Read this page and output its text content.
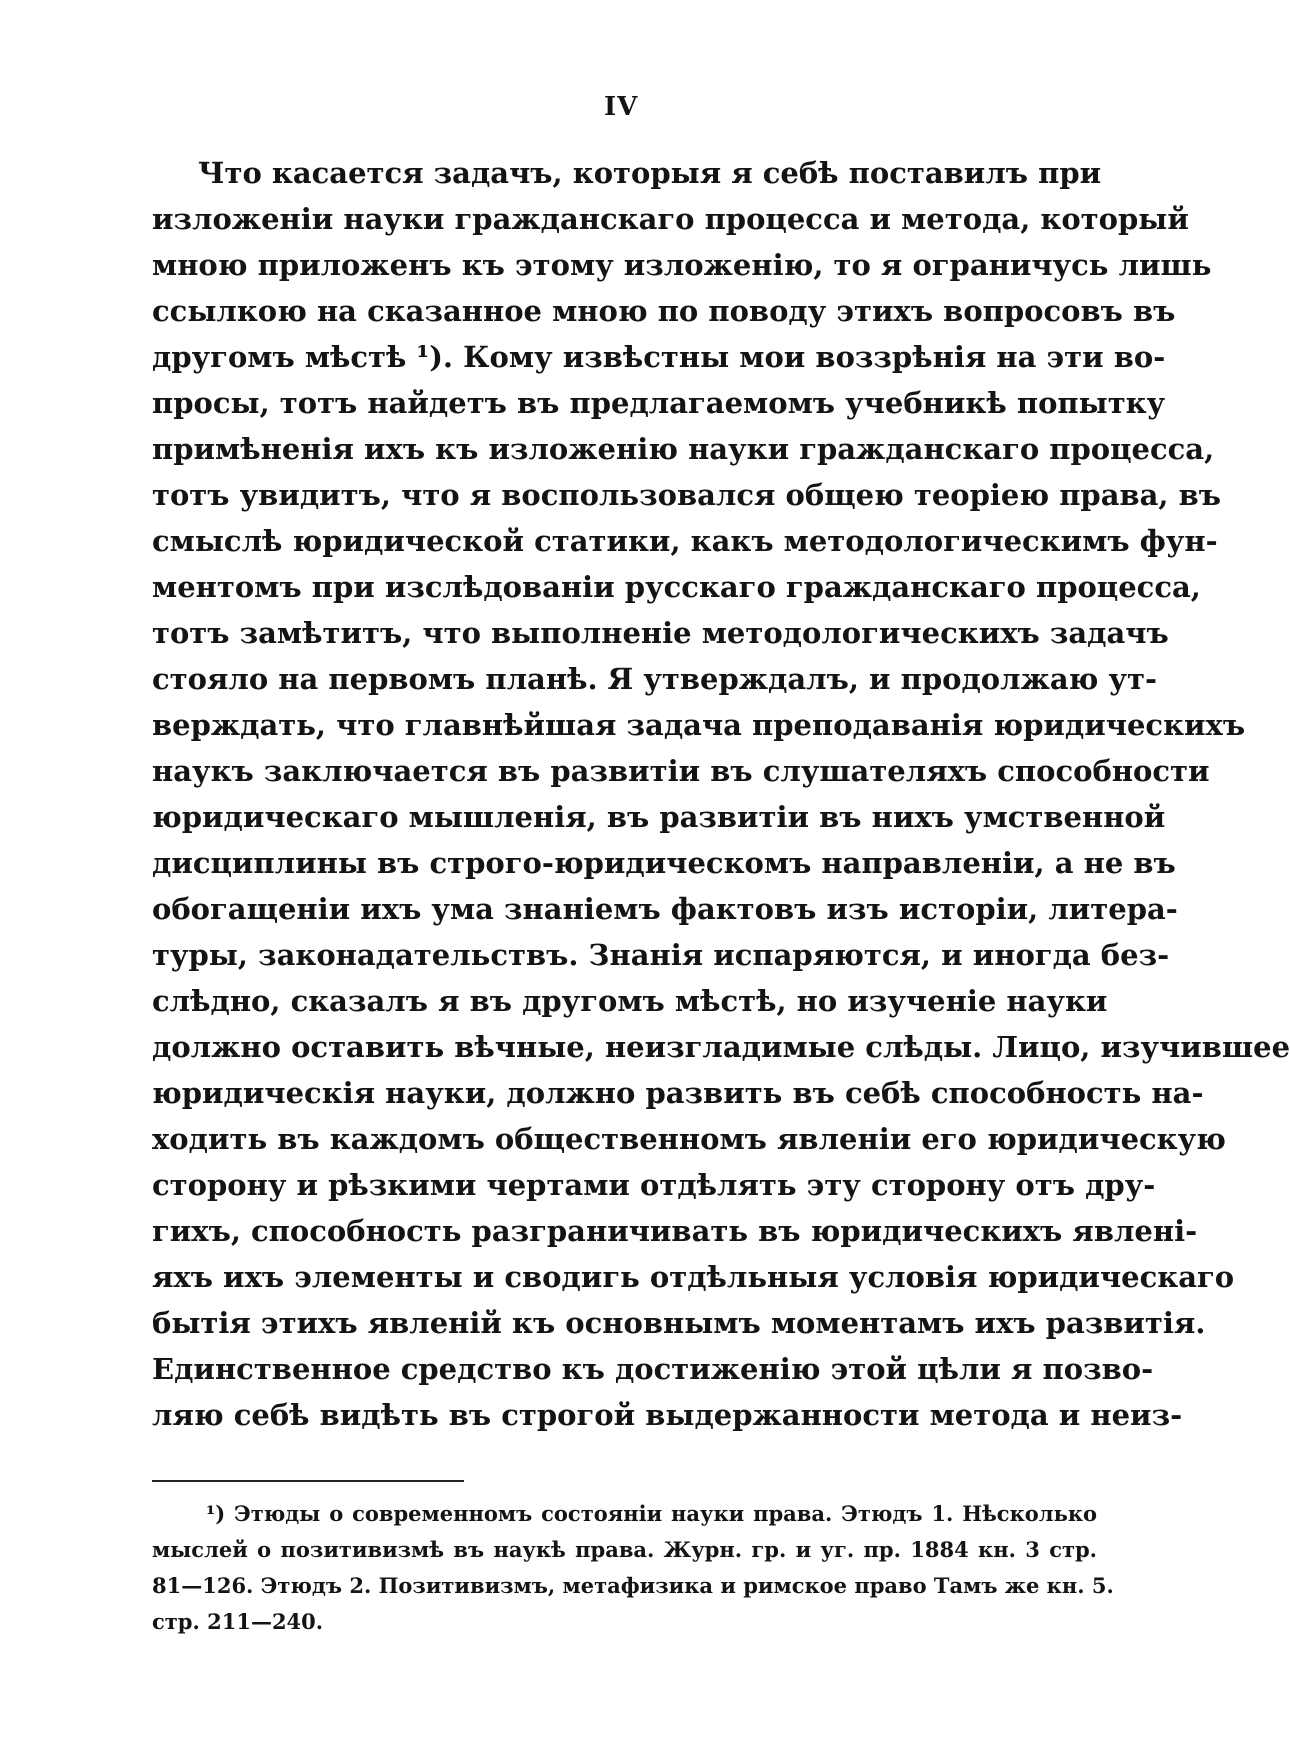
IV
Что касается задачъ, которыя я себѣ поставилъ при
изложеніи науки гражданскаго процесса и метода, который
мною приложенъ къ этому изложенію, то я ограничусь лишь
ссылкою на сказанное мною по поводу этихъ вопросовъ въ
другомъ мѣстѣ ¹). Кому извѣстны мои воззрѣнія на эти во-
просы, тотъ найдетъ въ предлагаемомъ учебникѣ попытку
примѣненія ихъ къ изложенію науки гражданскаго процесса,
тотъ увидитъ, что я воспользовался общею теоріею права, въ
смыслѣ юридической статики, какъ методологическимъ фун-
ментомъ при изслѣдованіи русскаго гражданскаго процесса,
тотъ замѣтитъ, что выполненіе методологическихъ задачъ
стояло на первомъ планѣ. Я утверждалъ, и продолжаю ут-
верждать, что главнѣйшая задача преподаванія юридическихъ
наукъ заключается въ развитіи въ слушателяхъ способности
юридическаго мышленія, въ развитіи въ нихъ умственной
дисциплины въ строго-юридическомъ направленіи, а не въ
обогащеніи ихъ ума знаніемъ фактовъ изъ исторіи, литера-
туры, законадательствъ. Знанія испаряются, и иногда без-
слѣдно, сказалъ я въ другомъ мѣстѣ, но изученіе науки
должно оставить вѣчные, неизгладимые слѣды. Лицо, изучившее
юридическія науки, должно развить въ себѣ способность на-
ходить въ каждомъ общественномъ явленіи его юридическую
сторону и рѣзкими чертами отдѣлять эту сторону отъ дру-
гихъ, способность разграничивать въ юридическихъ явленi-
яхъ ихъ элементы и сводигь отдѣльныя условія юридическаго
бытія этихъ явленій къ основнымъ моментамъ ихъ развитія.
Единственное средство къ достиженію этой цѣли я позво-
ляю себѣ видѣть въ строгой выдержанности метода и неиз-
¹) Этюды о современномъ состояніи науки права. Этюдъ 1. Нѣсколько
мыслей о позитивизмѣ въ наукѣ права. Журн. гр. и уг. пр. 1884 кн. 3 стр.
81—126. Этюдъ 2. Позитивизмъ, метафизика и римское право Тамъ же кн. 5.
стр. 211—240.
